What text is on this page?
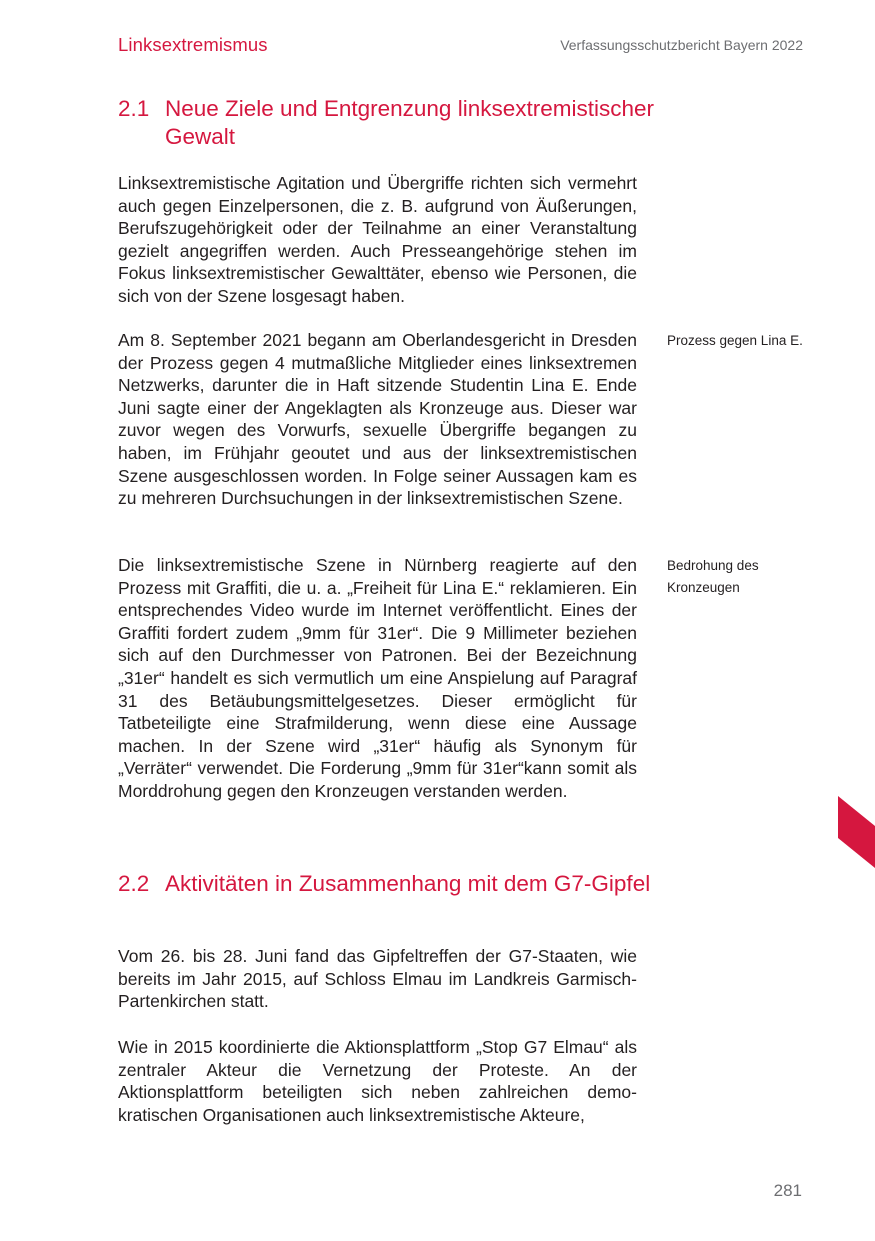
Linksextremismus	Verfassungsschutzbericht Bayern 2022
2.1 Neue Ziele und Entgrenzung linksextremistischer Gewalt

Linksextremistische Agitation und Übergriffe richten sich vermehrt auch gegen Einzelpersonen, die z. B. aufgrund von Äußerungen, Berufszugehörigkeit oder der Teilnahme an einer Veranstaltung gezielt angegriffen werden. Auch Presseangehörige stehen im Fokus linksextremistischer Gewalttäter, ebenso wie Personen, die sich von der Szene losgesagt haben.

Am 8. September 2021 begann am Oberlandesgericht in Dresden der Prozess gegen 4 mutmaßliche Mitglieder eines linksextremen Netzwerks, darunter die in Haft sitzende Studentin Lina E. Ende Juni sagte einer der Angeklagten als Kronzeuge aus. Dieser war zuvor wegen des Vorwurfs, sexuelle Übergriffe begangen zu haben, im Frühjahr geoutet und aus der linksextremistischen Szene ausgeschlossen worden. In Folge seiner Aussagen kam es zu mehreren Durchsuchungen in der linksextremistischen Szene.

Prozess gegen Lina E.

Die linksextremistische Szene in Nürnberg reagierte auf den Prozess mit Graffiti, die u. a. „Freiheit für Lina E.“ reklamieren. Ein entsprechendes Video wurde im Internet veröffentlicht. Eines der Graffiti fordert zudem „9mm für 31er“. Die 9 Millimeter beziehen sich auf den Durchmesser von Patronen. Bei der Bezeichnung „31er“ handelt es sich vermutlich um eine Anspielung auf Paragraf 31 des Betäubungsmittelgesetzes. Dieser ermöglicht für Tatbeteiligte eine Strafmilderung, wenn diese eine Aussage machen. In der Szene wird „31er“ häufig als Synonym für „Verräter“ verwendet. Die Forderung „9mm für 31er“kann somit als Morddrohung gegen den Kronzeugen verstanden werden.

Bedrohung des Kronzeugen
2.2 Aktivitäten in Zusammenhang mit dem G7-Gipfel

Vom 26. bis 28. Juni fand das Gipfeltreffen der G7-Staaten, wie bereits im Jahr 2015, auf Schloss Elmau im Landkreis Garmisch-Partenkirchen statt.

Wie in 2015 koordinierte die Aktionsplattform „Stop G7 Elmau“ als zentraler Akteur die Vernetzung der Proteste. An der Aktionsplattform beteiligten sich neben zahlreichen demokratischen Organisationen auch linksextremistische Akteure,

281
